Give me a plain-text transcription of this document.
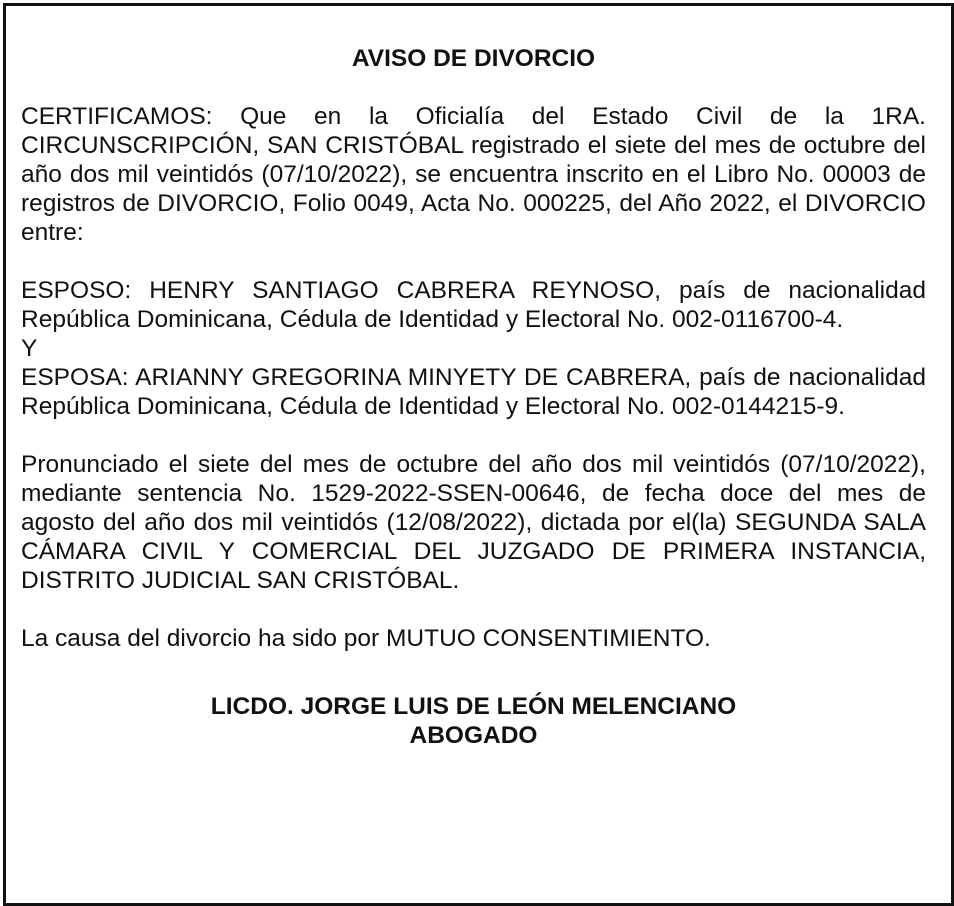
AVISO DE DIVORCIO

CERTIFICAMOS: Que en la Oficialía del Estado Civil de la 1RA. CIRCUNSCRIPCIÓN, SAN CRISTÓBAL registrado el siete del mes de octubre del año dos mil veintidós (07/10/2022), se encuentra inscrito en el Libro No. 00003 de registros de DIVORCIO, Folio 0049, Acta No. 000225, del Año 2022, el DIVORCIO entre:

ESPOSO: HENRY SANTIAGO CABRERA REYNOSO, país de nacionalidad República Dominicana, Cédula de Identidad y Electoral No. 002-0116700-4.

Y

ESPOSA: ARIANNY GREGORINA MINYETY DE CABRERA, país de nacionalidad República Dominicana, Cédula de Identidad y Electoral No. 002-0144215-9.

Pronunciado el siete del mes de octubre del año dos mil veintidós (07/10/2022), mediante sentencia No. 1529-2022-SSEN-00646, de fecha doce del mes de agosto del año dos mil veintidós (12/08/2022), dictada por el(la) SEGUNDA SALA CÁMARA CIVIL Y COMERCIAL DEL JUZGADO DE PRIMERA INSTANCIA, DISTRITO JUDICIAL SAN CRISTÓBAL.

La causa del divorcio ha sido por MUTUO CONSENTIMIENTO.

LICDO. JORGE LUIS DE LEÓN MELENCIANO

ABOGADO
